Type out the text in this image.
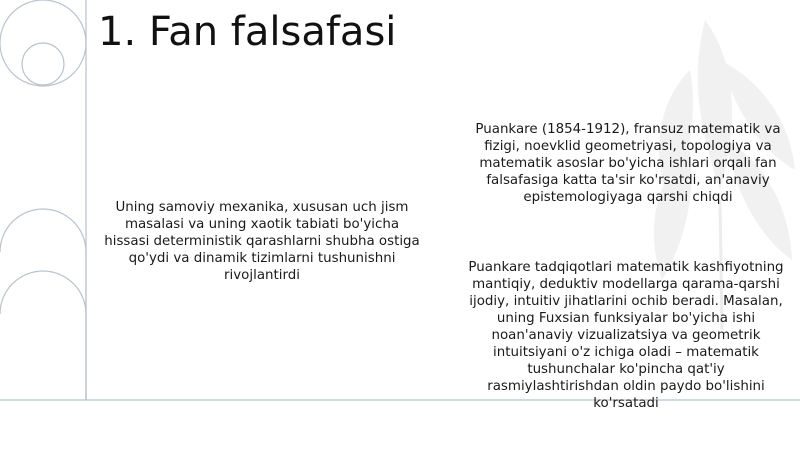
1. Fan falsafasi
Uning samoviy mexanika, xususan uch jism masalasi va uning xaotik tabiati bo'yicha hissasi deterministik qarashlarni shubha ostiga qo'ydi va dinamik tizimlarni tushunishni rivojlantirdi
Puankare (1854-1912), fransuz matematik va fizigi, noevklid geometriyasi, topologiya va matematik asoslar bo'yicha ishlari orqali fan falsafasiga katta ta'sir ko'rsatdi, an'anaviy epistemologiyaga qarshi chiqdi
Puankare tadqiqotlari matematik kashfiyotning mantiqiy, deduktiv modellarga qarama-qarshi ijodiy, intuitiv jihatlarini ochib beradi. Masalan, uning Fuxsian funksiyalar bo'yicha ishi noan'anaviy vizualizatsiya va geometrik intuitsiyani o'z ichiga oladi – matematik tushunchalar ko'pincha qat'iy rasmiylashtirishdan oldin paydo bo'lishini ko'rsatadi
